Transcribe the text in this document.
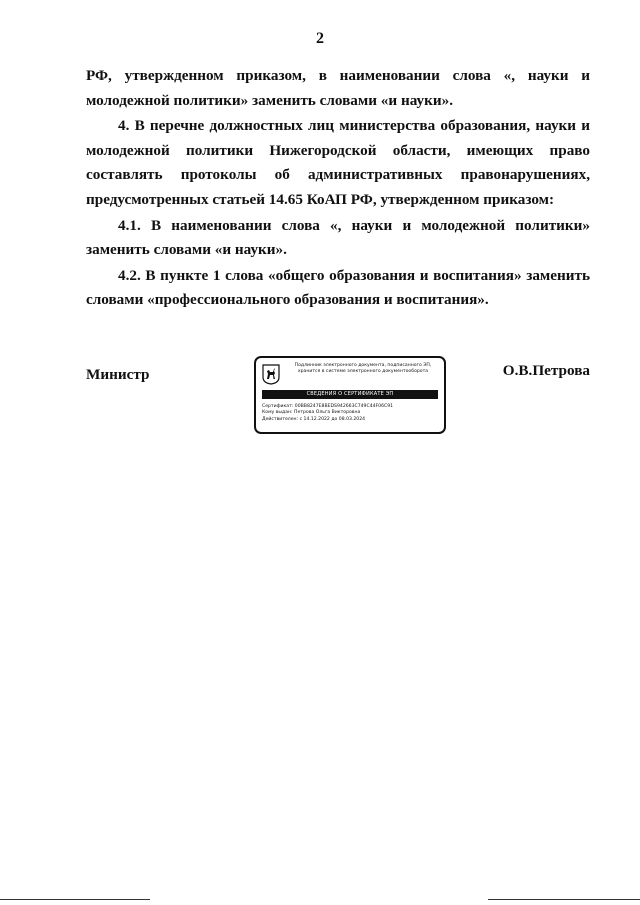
2

РФ, утвержденном приказом, в наименовании слова «, науки и молодежной политики» заменить словами «и науки».

4. В перечне должностных лиц министерства образования, науки и молодежной политики Нижегородской области, имеющих право составлять протоколы об административных правонарушениях, предусмотренных статьей 14.65 КоАП РФ, утвержденном приказом:

4.1. В наименовании слова «, науки и молодежной политики» заменить словами «и науки».

4.2. В пункте 1 слова «общего образования и воспитания» заменить словами «профессионального образования и воспитания».

Министр
Подлинник электронного документа, подписанного ЭП, хранится в системе электронного документооборота
СВЕДЕНИЯ О СЕРТИФИКАТЕ ЭП
Сертификат: 00BB8247E8BEDS942663C749C44F06C91
Кому выдан: Петрова Ольга Викторовна
Действителен: с 14.12.2022 до 08.03.2024
О.В.Петрова
